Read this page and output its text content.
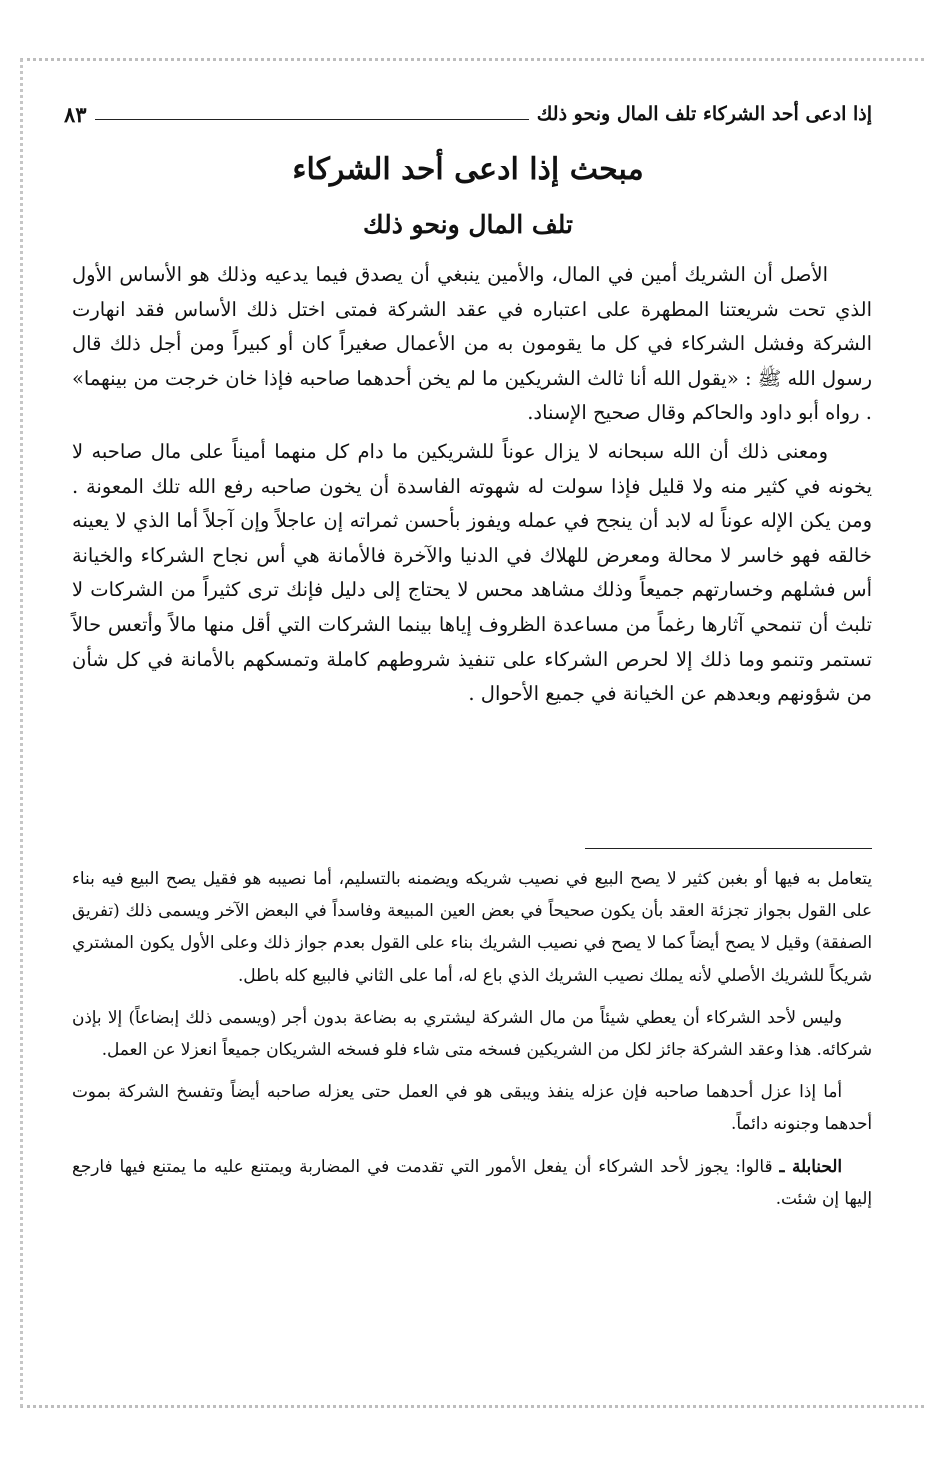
إذا ادعى أحد الشركاء تلف المال ونحو ذلك
٨٣
مبحث إذا ادعى أحد الشركاء
تلف المال ونحو ذلك

الأصل أن الشريك أمين في المال، والأمين ينبغي أن يصدق فيما يدعيه وذلك هو الأساس الأول الذي تحت شريعتنا المطهرة على اعتباره في عقد الشركة فمتى اختل ذلك الأساس فقد انهارت الشركة وفشل الشركاء في كل ما يقومون به من الأعمال صغيراً كان أو كبيراً ومن أجل ذلك قال رسول الله ﷺ : «يقول الله أنا ثالث الشريكين ما لم يخن أحدهما صاحبه فإذا خان خرجت من بينهما» . رواه أبو داود والحاكم وقال صحيح الإسناد.

ومعنى ذلك أن الله سبحانه لا يزال عوناً للشريكين ما دام كل منهما أميناً على مال صاحبه لا يخونه في كثير منه ولا قليل فإذا سولت له شهوته الفاسدة أن يخون صاحبه رفع الله تلك المعونة . ومن يكن الإله عوناً له لابد أن ينجح في عمله ويفوز بأحسن ثمراته إن عاجلاً وإن آجلاً أما الذي لا يعينه خالقه فهو خاسر لا محالة ومعرض للهلاك في الدنيا والآخرة فالأمانة هي أس نجاح الشركاء والخيانة أس فشلهم وخسارتهم جميعاً وذلك مشاهد محس لا يحتاج إلى دليل فإنك ترى كثيراً من الشركات لا تلبث أن تنمحي آثارها رغماً من مساعدة الظروف إياها بينما الشركات التي أقل منها مالاً وأتعس حالاً تستمر وتنمو وما ذلك إلا لحرص الشركاء على تنفيذ شروطهم كاملة وتمسكهم بالأمانة في كل شأن من شؤونهم وبعدهم عن الخيانة في جميع الأحوال .

يتعامل به فيها أو بغبن كثير لا يصح البيع في نصيب شريكه ويضمنه بالتسليم، أما نصيبه هو فقيل يصح البيع فيه بناء على القول بجواز تجزئة العقد بأن يكون صحيحاً في بعض العين المبيعة وفاسداً في البعض الآخر ويسمى ذلك (تفريق الصفقة) وقيل لا يصح أيضاً كما لا يصح في نصيب الشريك بناء على القول بعدم جواز ذلك وعلى الأول يكون المشتري شريكاً للشريك الأصلي لأنه يملك نصيب الشريك الذي باع له، أما على الثاني فالبيع كله باطل.

وليس لأحد الشركاء أن يعطي شيئاً من مال الشركة ليشتري به بضاعة بدون أجر (ويسمى ذلك إبضاعاً) إلا بإذن شركائه. هذا وعقد الشركة جائز لكل من الشريكين فسخه متى شاء فلو فسخه الشريكان جميعاً انعزلا عن العمل.

أما إذا عزل أحدهما صاحبه فإن عزله ينفذ ويبقى هو في العمل حتى يعزله صاحبه أيضاً وتفسخ الشركة بموت أحدهما وجنونه دائماً.

الحنابلة ـ قالوا: يجوز لأحد الشركاء أن يفعل الأمور التي تقدمت في المضاربة ويمتنع عليه ما يمتنع فيها فارجع إليها إن شئت.
